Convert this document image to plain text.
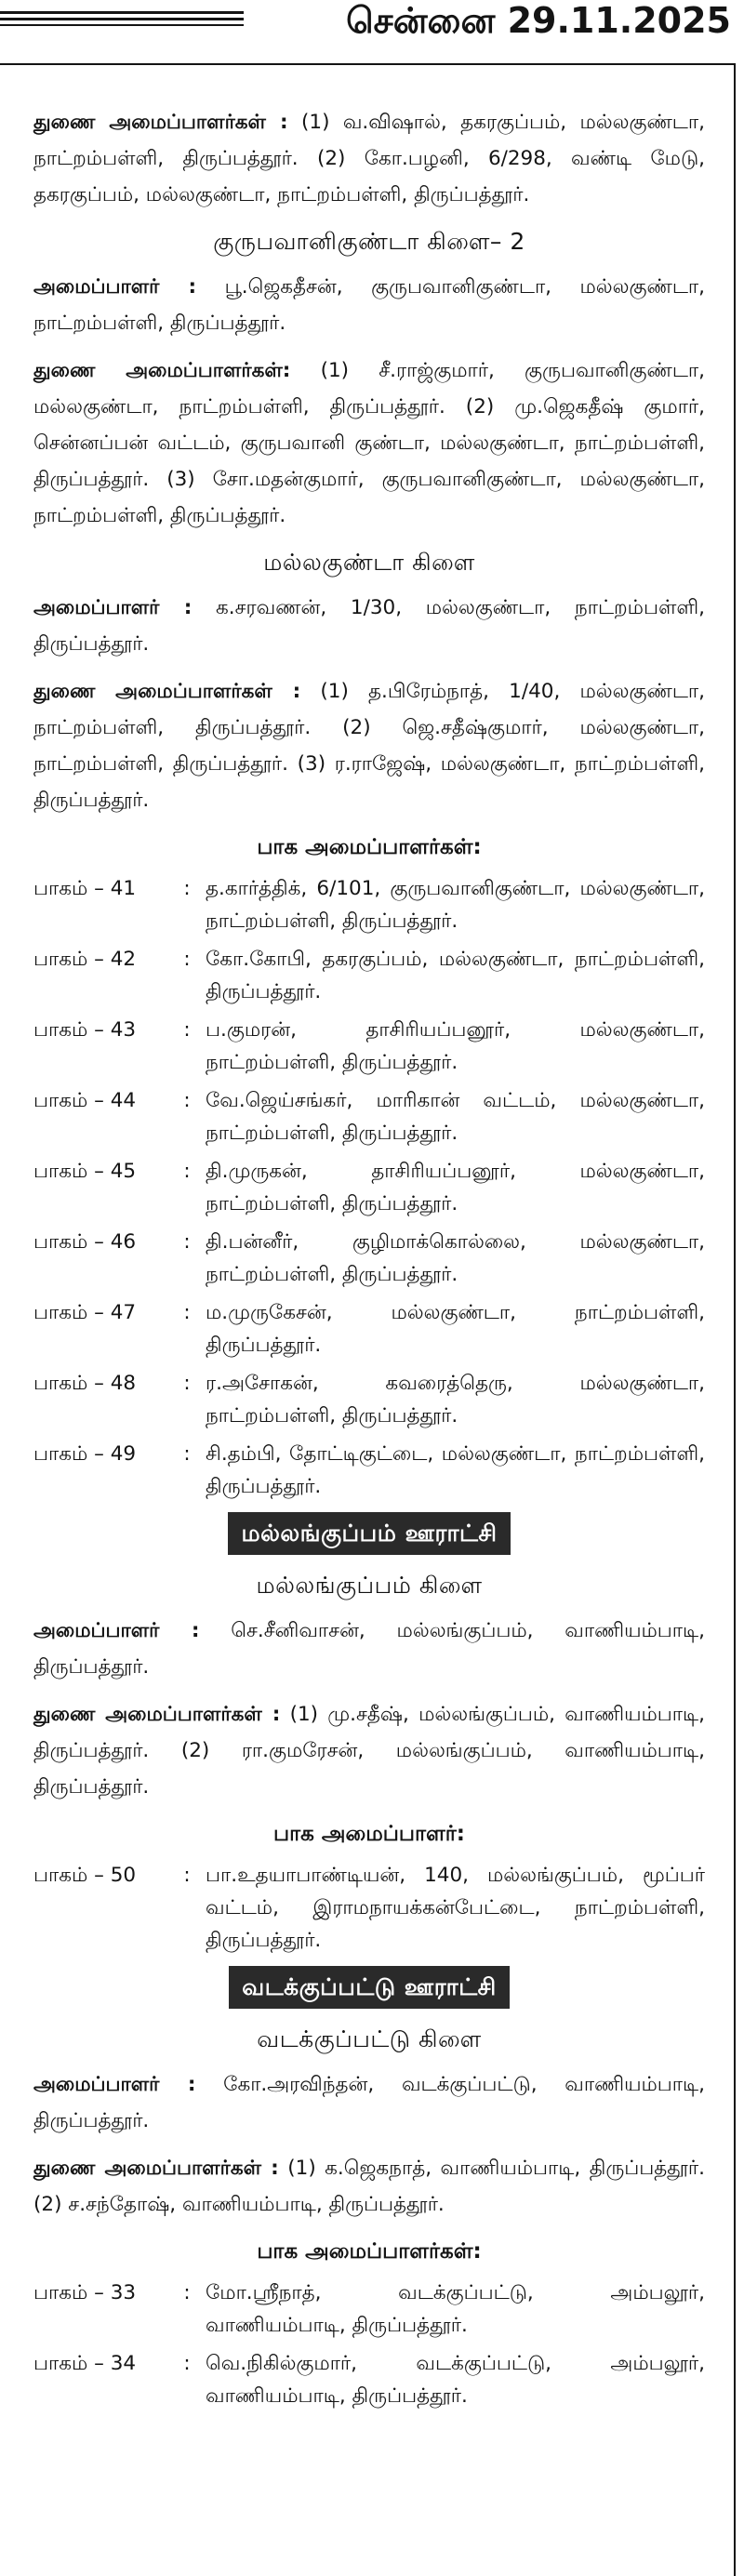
சென்னை 29.11.2025
துணை அமைப்பாளர்கள் : (1) வ.விஷால், தகரகுப்பம், மல்லகுண்டா, நாட்றம்பள்ளி, திருப்பத்தூர். (2) கோ.பழனி, 6/298, வண்டி மேடு, தகரகுப்பம், மல்லகுண்டா, நாட்றம்பள்ளி, திருப்பத்தூர்.
குருபவானிகுண்டா கிளை– 2
அமைப்பாளர் : பூ.ஜெகதீசன், குருபவானிகுண்டா, மல்லகுண்டா, நாட்றம்பள்ளி, திருப்பத்தூர்.
துணை அமைப்பாளர்கள்: (1) சீ.ராஜ்குமார், குருபவானிகுண்டா, மல்லகுண்டா, நாட்றம்பள்ளி, திருப்பத்தூர். (2) மு.ஜெகதீஷ் குமார், சென்னப்பன் வட்டம், குருபவானி குண்டா, மல்லகுண்டா, நாட்றம்பள்ளி, திருப்பத்தூர். (3) சோ.மதன்குமார், குருபவானிகுண்டா, மல்லகுண்டா, நாட்றம்பள்ளி, திருப்பத்தூர்.
மல்லகுண்டா கிளை
அமைப்பாளர் : க.சரவணன், 1/30, மல்லகுண்டா, நாட்றம்பள்ளி, திருப்பத்தூர்.
துணை அமைப்பாளர்கள் : (1) த.பிரேம்நாத், 1/40, மல்லகுண்டா, நாட்றம்பள்ளி, திருப்பத்தூர். (2) ஜெ.சதீஷ்குமார், மல்லகுண்டா, நாட்றம்பள்ளி, திருப்பத்தூர். (3) ர.ராஜேஷ், மல்லகுண்டா, நாட்றம்பள்ளி, திருப்பத்தூர்.
பாக அமைப்பாளர்கள்:
பாகம் – 41	: த.கார்த்திக், 6/101, குருபவானிகுண்டா, மல்லகுண்டா, நாட்றம்பள்ளி, திருப்பத்தூர்.
பாகம் – 42	: கோ.கோபி, தகரகுப்பம், மல்லகுண்டா, நாட்றம்பள்ளி, திருப்பத்தூர்.
பாகம் – 43	: ப.குமரன், தாசிரியப்பனூர், மல்லகுண்டா, நாட்றம்பள்ளி, திருப்பத்தூர்.
பாகம் – 44	: வே.ஜெய்சங்கர், மாரிகான் வட்டம், மல்லகுண்டா, நாட்றம்பள்ளி, திருப்பத்தூர்.
பாகம் – 45	: தி.முருகன், தாசிரியப்பனூர், மல்லகுண்டா, நாட்றம்பள்ளி, திருப்பத்தூர்.
பாகம் – 46	: தி.பன்னீர், குழிமாக்கொல்லை, மல்லகுண்டா, நாட்றம்பள்ளி, திருப்பத்தூர்.
பாகம் – 47	: ம.முருகேசன், மல்லகுண்டா, நாட்றம்பள்ளி, திருப்பத்தூர்.
பாகம் – 48	: ர.அசோகன், கவரைத்தெரு, மல்லகுண்டா, நாட்றம்பள்ளி, திருப்பத்தூர்.
பாகம் – 49	: சி.தம்பி, தோட்டிகுட்டை, மல்லகுண்டா, நாட்றம்பள்ளி, திருப்பத்தூர்.
மல்லங்குப்பம் ஊராட்சி
மல்லங்குப்பம் கிளை
அமைப்பாளர் : செ.சீனிவாசன், மல்லங்குப்பம், வாணியம்பாடி, திருப்பத்தூர்.
துணை அமைப்பாளர்கள் : (1) மு.சதீஷ், மல்லங்குப்பம், வாணியம்பாடி, திருப்பத்தூர். (2) ரா.குமரேசன், மல்லங்குப்பம், வாணியம்பாடி, திருப்பத்தூர்.
பாக அமைப்பாளர்:
பாகம் – 50	: பா.உதயாபாண்டியன், 140, மல்லங்குப்பம், மூப்பர் வட்டம், இராமநாயக்கன்பேட்டை, நாட்றம்பள்ளி, திருப்பத்தூர்.
வடக்குப்பட்டு ஊராட்சி
வடக்குப்பட்டு கிளை
அமைப்பாளர் : கோ.அரவிந்தன், வடக்குப்பட்டு, வாணியம்பாடி, திருப்பத்தூர்.
துணை அமைப்பாளர்கள் : (1) க.ஜெகநாத், வாணியம்பாடி, திருப்பத்தூர். (2) ச.சந்தோஷ், வாணியம்பாடி, திருப்பத்தூர்.
பாக அமைப்பாளர்கள்:
பாகம் – 33	: மோ.ஸ்ரீநாத், வடக்குப்பட்டு, அம்பலூர், வாணியம்பாடி, திருப்பத்தூர்.
பாகம் – 34	: வெ.நிகில்குமார், வடக்குப்பட்டு, அம்பலூர், வாணியம்பாடி, திருப்பத்தூர்.
